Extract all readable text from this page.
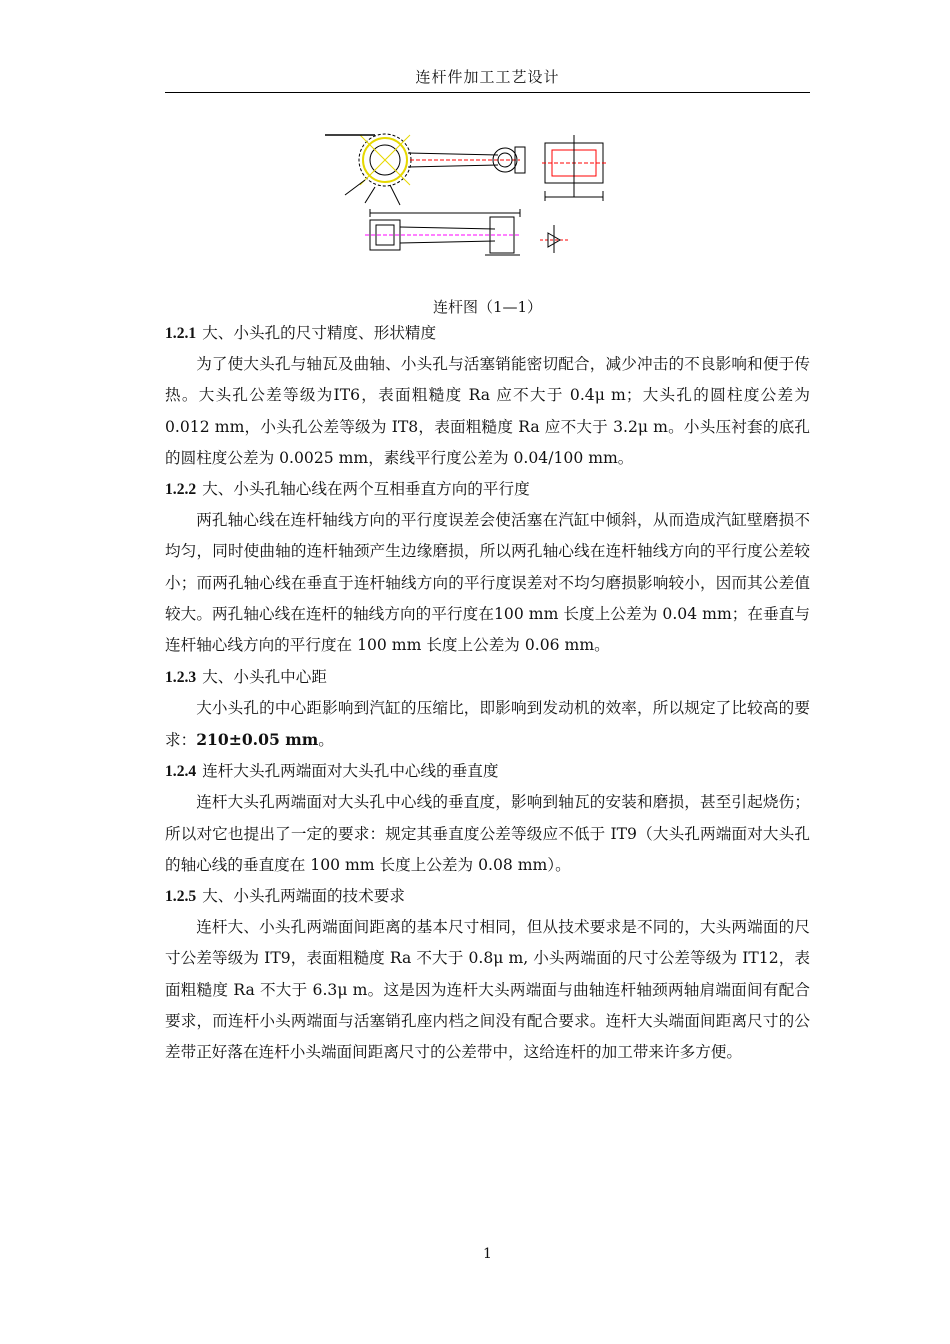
连杆件加工工艺设计
连杆图（1—1）

1.2.1 大、小头孔的尺寸精度、形状精度

为了使大头孔与轴瓦及曲轴、小头孔与活塞销能密切配合，减少冲击的不良影响和便于传热。大头孔公差等级为IT6，表面粗糙度 Ra 应不大于 0.4μ m；大头孔的圆柱度公差为 0.012 mm，小头孔公差等级为 IT8，表面粗糙度 Ra 应不大于 3.2μ m。小头压衬套的底孔的圆柱度公差为 0.0025 mm，素线平行度公差为 0.04/100 mm。

1.2.2 大、小头孔轴心线在两个互相垂直方向的平行度

两孔轴心线在连杆轴线方向的平行度误差会使活塞在汽缸中倾斜，从而造成汽缸壁磨损不均匀，同时使曲轴的连杆轴颈产生边缘磨损，所以两孔轴心线在连杆轴线方向的平行度公差较小；而两孔轴心线在垂直于连杆轴线方向的平行度误差对不均匀磨损影响较小，因而其公差值较大。两孔轴心线在连杆的轴线方向的平行度在100 mm 长度上公差为 0.04 mm；在垂直与连杆轴心线方向的平行度在 100 mm 长度上公差为 0.06 mm。

1.2.3 大、小头孔中心距

大小头孔的中心距影响到汽缸的压缩比，即影响到发动机的效率，所以规定了比较高的要求：210±0.05 mm。

1.2.4 连杆大头孔两端面对大头孔中心线的垂直度

连杆大头孔两端面对大头孔中心线的垂直度，影响到轴瓦的安装和磨损，甚至引起烧伤；所以对它也提出了一定的要求：规定其垂直度公差等级应不低于 IT9（大头孔两端面对大头孔的轴心线的垂直度在 100 mm 长度上公差为 0.08 mm）。

1.2.5 大、小头孔两端面的技术要求

连杆大、小头孔两端面间距离的基本尺寸相同，但从技术要求是不同的，大头两端面的尺寸公差等级为 IT9，表面粗糙度 Ra 不大于 0.8μ m, 小头两端面的尺寸公差等级为 IT12，表面粗糙度 Ra 不大于 6.3μ m。这是因为连杆大头两端面与曲轴连杆轴颈两轴肩端面间有配合要求，而连杆小头两端面与活塞销孔座内档之间没有配合要求。连杆大头端面间距离尺寸的公差带正好落在连杆小头端面间距离尺寸的公差带中，这给连杆的加工带来许多方便。

1
